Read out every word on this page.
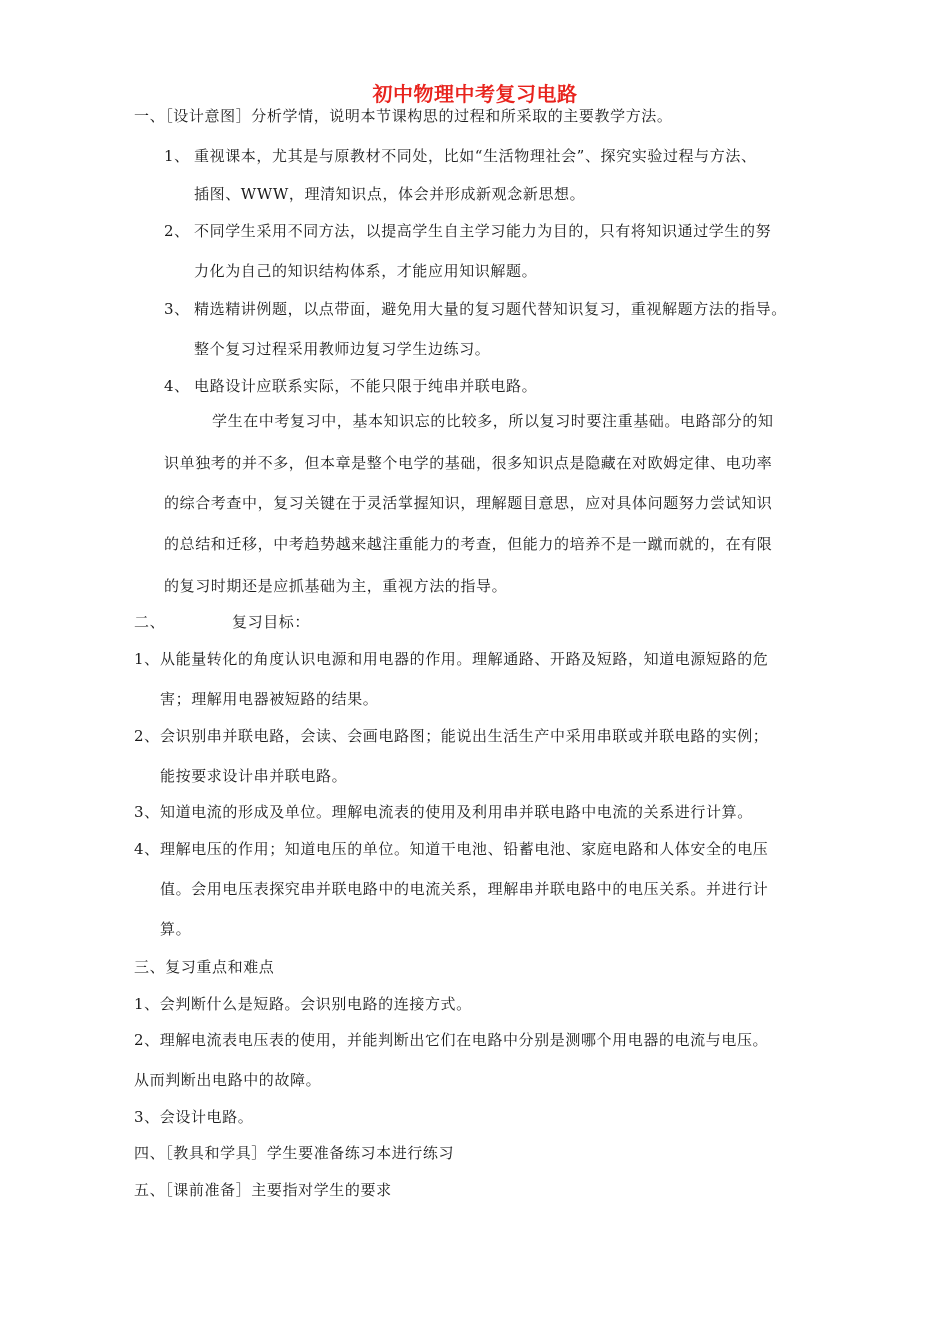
初中物理中考复习电路
一、［设计意图］分析学情，说明本节课构思的过程和所采取的主要教学方法。
1、 重视课本，尤其是与原教材不同处，比如“生活物理社会”、探究实验过程与方法、
插图、WWW，理清知识点，体会并形成新观念新思想。
2、 不同学生采用不同方法，以提高学生自主学习能力为目的，只有将知识通过学生的努
力化为自己的知识结构体系，才能应用知识解题。
3、 精选精讲例题，以点带面，避免用大量的复习题代替知识复习，重视解题方法的指导。
整个复习过程采用教师边复习学生边练习。
4、 电路设计应联系实际，不能只限于纯串并联电路。
学生在中考复习中，基本知识忘的比较多，所以复习时要注重基础。电路部分的知
识单独考的并不多，但本章是整个电学的基础，很多知识点是隐藏在对欧姆定律、电功率
的综合考查中，复习关键在于灵活掌握知识，理解题目意思，应对具体问题努力尝试知识
的总结和迁移，中考趋势越来越注重能力的考查，但能力的培养不是一蹴而就的，在有限
的复习时期还是应抓基础为主，重视方法的指导。
二、	复习目标：
1、 从能量转化的角度认识电源和用电器的作用。理解通路、开路及短路，知道电源短路的危
害；理解用电器被短路的结果。
2、 会识别串并联电路，会读、会画电路图；能说出生活生产中采用串联或并联电路的实例；
能按要求设计串并联电路。
3、 知道电流的形成及单位。理解电流表的使用及利用串并联电路中电流的关系进行计算。
4、 理解电压的作用；知道电压的单位。知道干电池、铅蓄电池、家庭电路和人体安全的电压
值。会用电压表探究串并联电路中的电流关系，理解串并联电路中的电压关系。并进行计
算。
三、复习重点和难点
1、会判断什么是短路。会识别电路的连接方式。
2、理解电流表电压表的使用，并能判断出它们在电路中分别是测哪个用电器的电流与电压。
从而判断出电路中的故障。
3、会设计电路。
四、［教具和学具］学生要准备练习本进行练习
五、［课前准备］主要指对学生的要求
